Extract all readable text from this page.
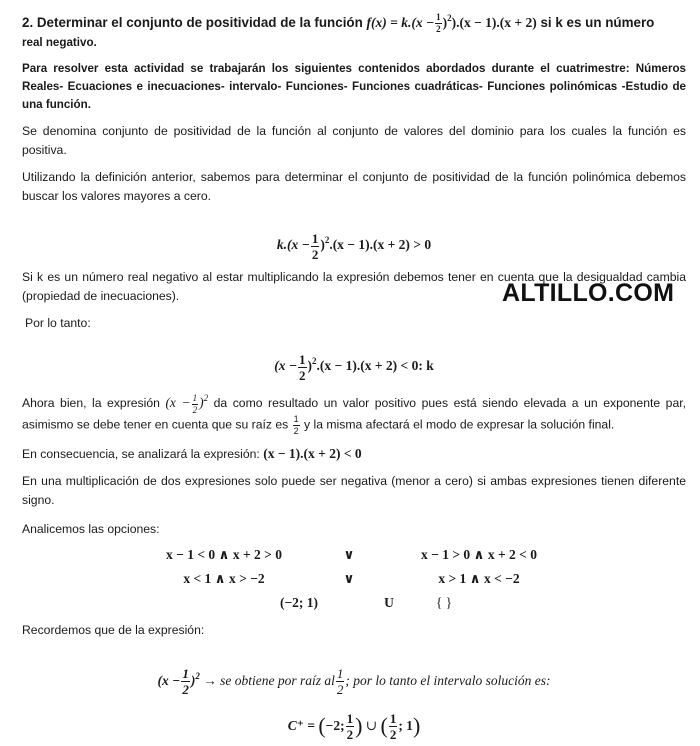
2. Determinar el conjunto de positividad de la función $f(x) = k.(x - \frac{1}{2} )^2).(x - 1).(x + 2)$ si k es un número
real negativo.

Para resolver esta actividad se trabajarán los siguientes contenidos abordados durante el cuatrimestre: Números Reales- Ecuaciones e inecuaciones- intervalo- Funciones- Funciones cuadráticas- Funciones polinómicas -Estudio de una función.

Se denomina conjunto de positividad de la función al conjunto de valores del dominio para los cuales la función es positiva.

Utilizando la definición anterior, sabemos para determinar el conjunto de positividad de la función polinómica debemos buscar los valores mayores a cero.

$k.(x - \frac{1}{2} )^2.(x - 1).(x + 2) > 0$

Si k es un número real negativo al estar multiplicando la expresión debemos tener en cuenta que la desigualdad cambia (propiedad de inecuaciones).

Por lo tanto:

$(x - \frac{1}{2} )^2.(x - 1).(x + 2) < 0$: k

Ahora bien, la expresión $(x - \frac{1}{2} )^2$ da como resultado un valor positivo pues está siendo elevada a un exponente par, asimismo se debe tener en cuenta que su raíz es $\frac{1}{2}$ y la misma afectará el modo de expresar la solución final.

En consecuencia, se analizará la expresión: (x − 1).(x + 2) < 0

En una multiplicación de dos expresiones solo puede ser negativa (menor a cero) si ambas expresiones tienen diferente signo.

Analicemos las opciones:

x − 1 < 0 ∧ x + 2 > 0	∨	x − 1 > 0 ∧ x + 2 < 0
x < 1 ∧ x > −2	∨	x > 1 ∧ x < −2
(−2; 1)	U	{ }

Recordemos que de la expresión:

$(x - \frac{1}{2} )^2$ → se obtiene por raíz al $\frac{1}{2}$ ; por lo tanto el intervalo solución es:
C⁺ = (−2; $\frac{1}{2}$ ) ∪ ( $\frac{1}{2}$ ; 1)
ALTILLO.COM
